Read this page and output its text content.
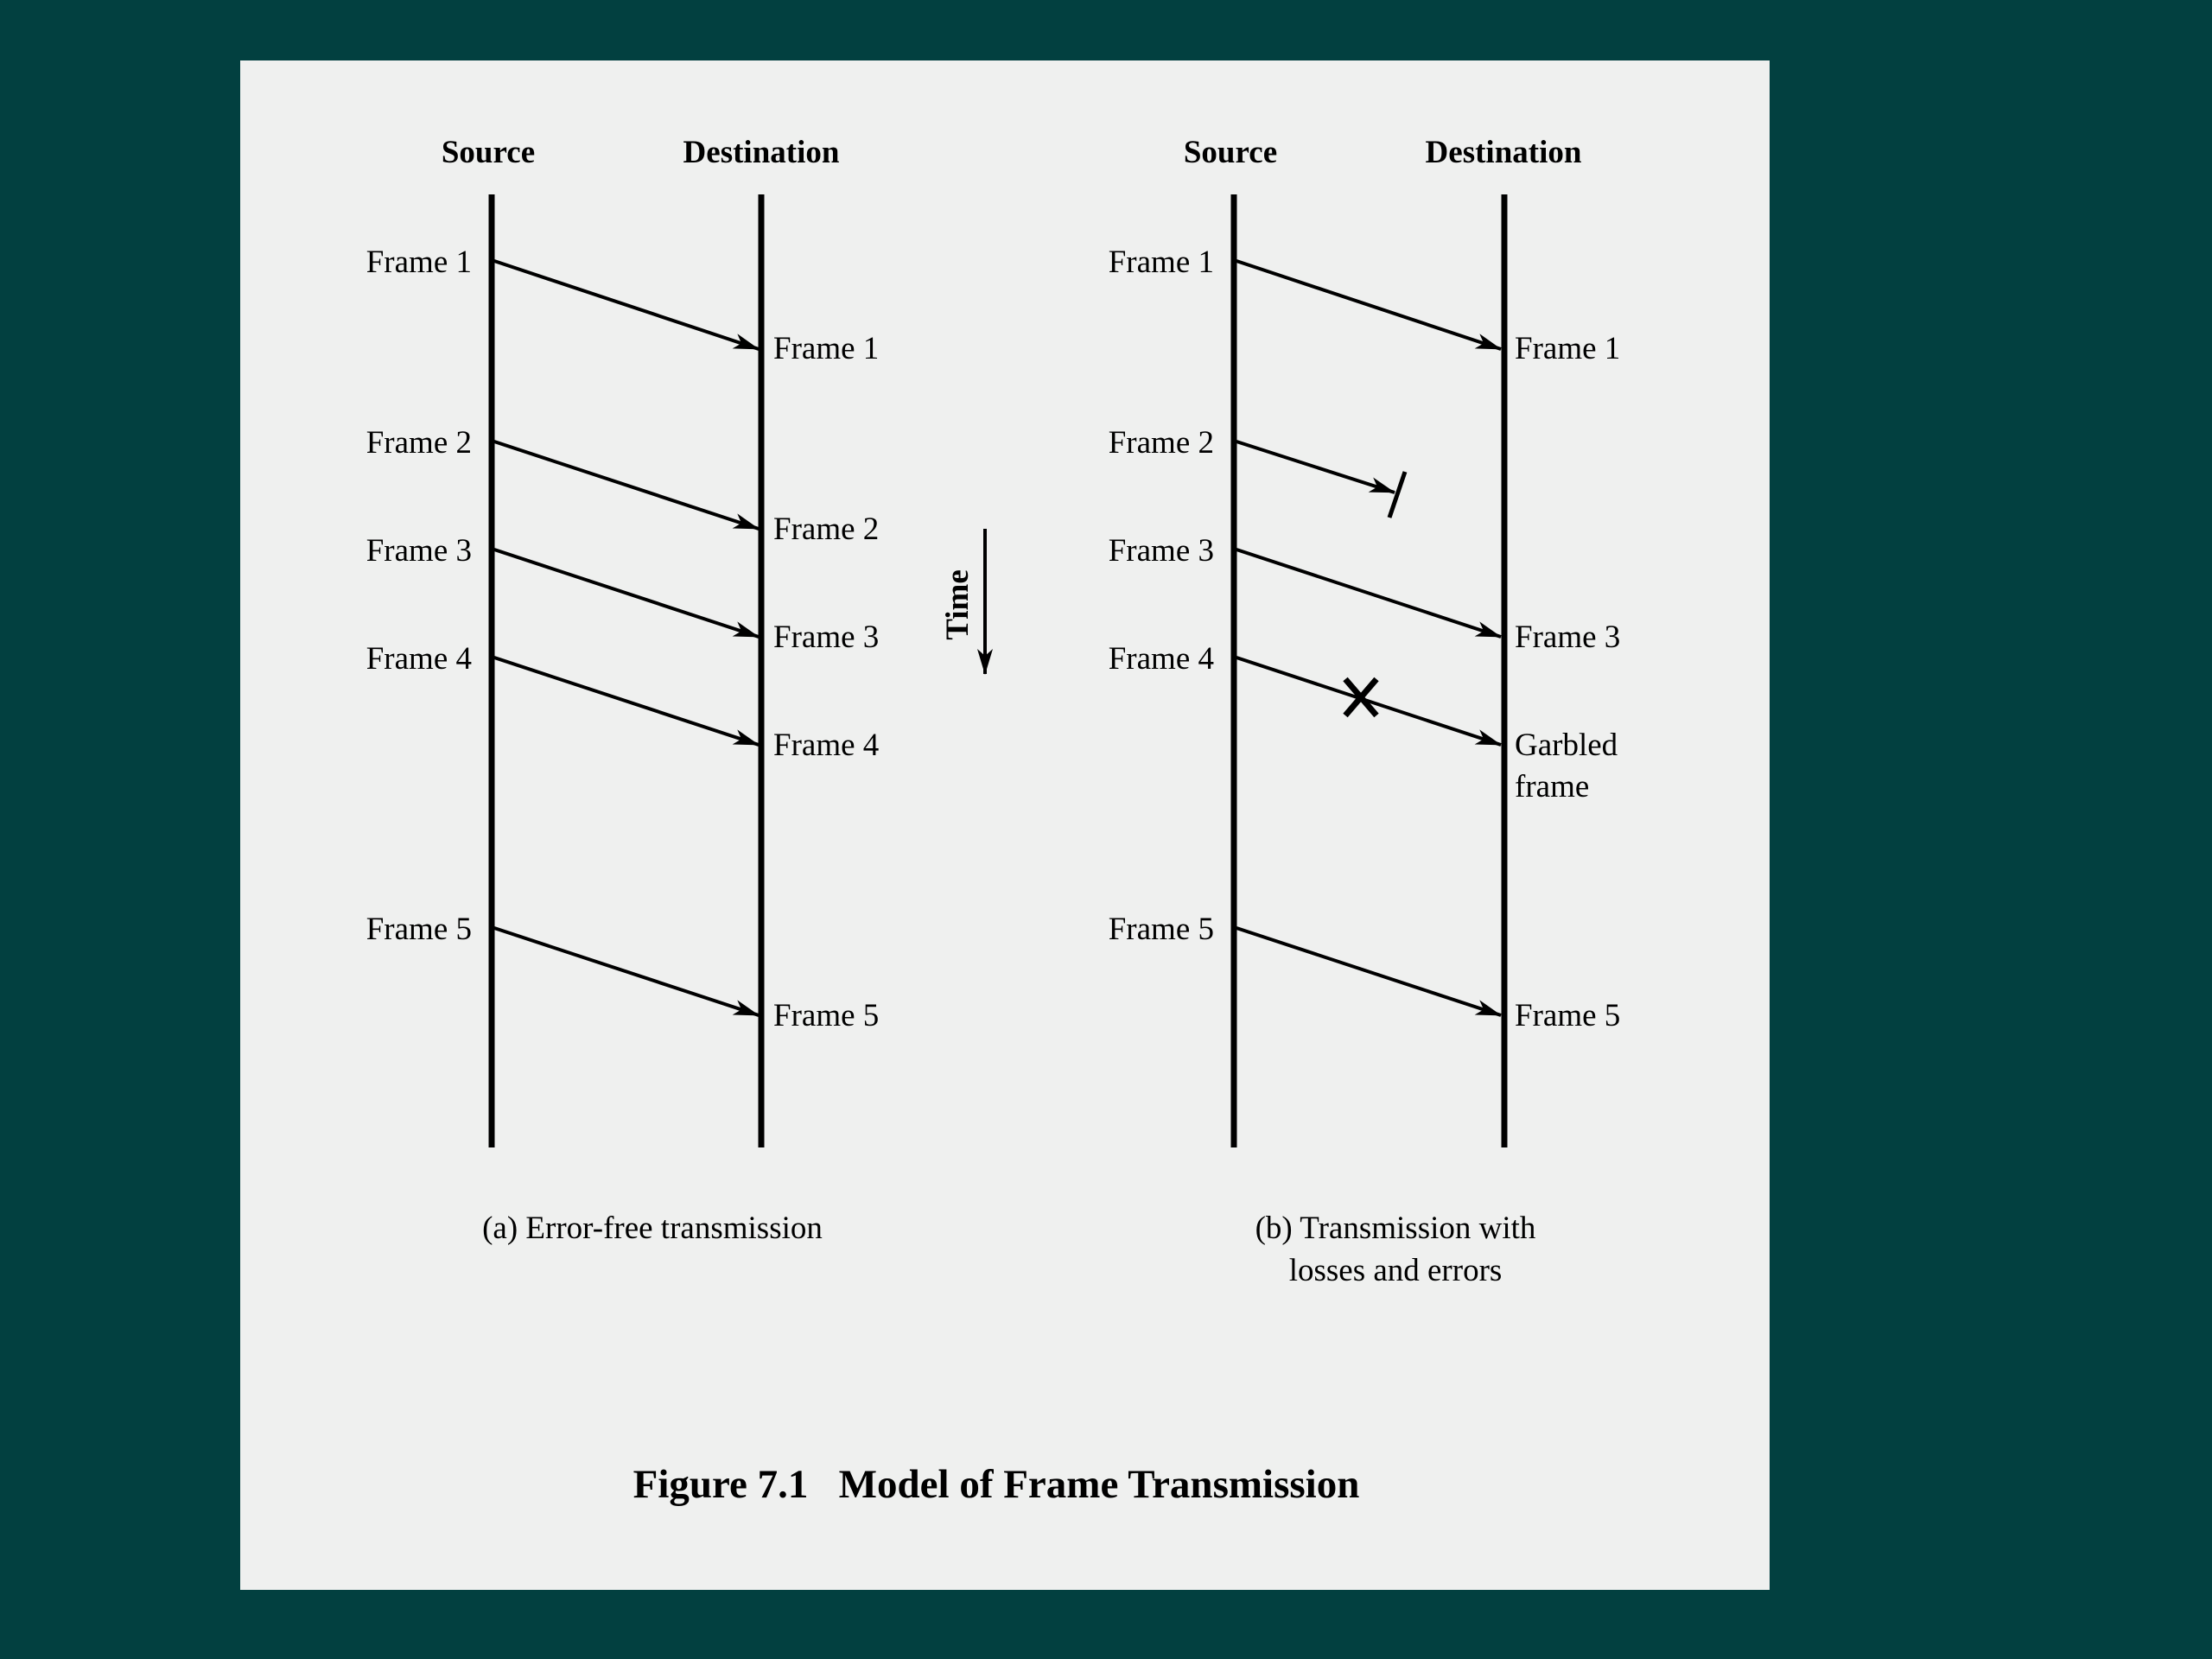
Source	Destination
Frame 1
Frame 1
Frame 2
Frame 2
Frame 3
Frame 3
Frame 4
Frame 4
Frame 5
Frame 5
(a) Error-free transmission
Time
Source	Destination
Frame 1
Frame 1
Frame 2
Frame 3
Frame 3
Frame 4
Garbled
frame
Frame 5
Frame 5
(b) Transmission with
losses and errors
Figure 7.1   Model of Frame Transmission
